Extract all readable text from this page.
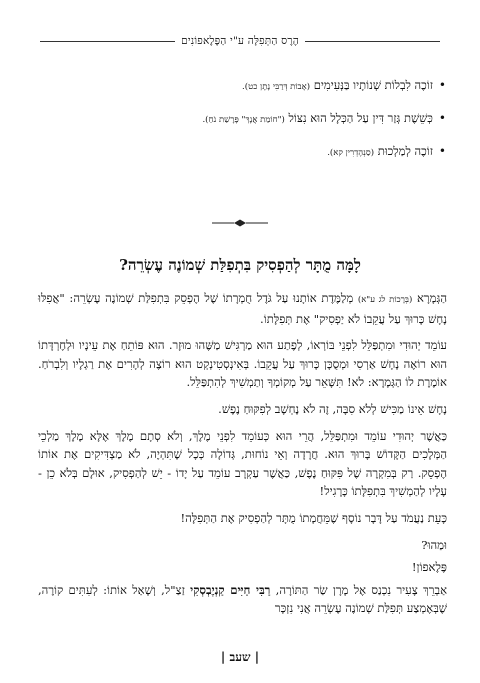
הֶרֶס הַתְּפִלָּה ע"י הַפֶּלֶאפוֹנִים
•
זוֹכֶה לִבְלוֹת שְׁנוֹתָיו בַּנְּעִימִים (אָבוֹת דְּרַבִּי נָתָן כט).
•
כְּשֵׁשֶׁת גְּזַר דִּין עַל הַכְּלָל הוּא נִצּוֹל ("חוֹמַת אֲנָךְ" פָּרָשַׁת נֹחַ).
•
זוֹכֶה לְמַלְכוּת (סַנְהֶדְרִין קא).
לָמָּה מֻתָּר לְהַפְסִיק בִּתְפִלַּת שְׁמוֹנֶה עֶשְׂרֵה?

הַגְּמָרָא (בְּרָכוֹת לג ע"א) מְלַמֶּדֶת אוֹתָנוּ עַל גֹּדֶל חֻמְרָתוֹ שֶׁל הֶפְסֵק בִּתְפִלַּת שְׁמוֹנֶה עֶשְׂרֵה: "אֲפִלּוּ נָחָשׁ כָּרוּךְ עַל עֲקֵבוֹ לֹא יַפְסִיק" אֶת תְּפִלָּתוֹ.

עוֹמֵד יְהוּדִי וּמִתְפַּלֵּל לִפְנֵי בּוֹרְאוֹ, לְפֶתַע הוּא מַרְגִּישׁ מַשֶּׁהוּ מוּזָר. הוּא פּוֹתֵחַ אֶת עֵינָיו וּלְחֶרְדָּתוֹ הוּא רוֹאֶה נָחָשׁ אַרְסִי וּמְסֻכָּן כָּרוּךְ עַל עֲקֵבוֹ. בְּאִינְסְטִינְקְט הוּא רוֹצֶה לְהָרִים אֶת רַגְלָיו וְלִבְרֹחַ. אוֹמֶרֶת לוֹ הַגְּמָרָא: לֹא! תִּשָּׁאֵר עַל מְקוֹמְךָ וְתַמְשִׁיךְ לְהִתְפַּלֵּל.

נָחָשׁ אֵינוֹ מַכִּישׁ לְלֹא סִבָּה, זֶה לֹא נֶחְשָׁב לְפִקּוּחַ נֶפֶשׁ.

כַּאֲשֶׁר יְהוּדִי עוֹמֵד וּמִתְפַּלֵּל, הֲרֵי הוּא כְּעוֹמֵד לִפְנֵי מֶלֶךְ, וְלֹא סְתָם מֶלֶךְ אֶלָּא מֶלֶךְ מַלְכֵי הַמְּלָכִים הַקָּדוֹשׁ בָּרוּךְ הוּא. חֲרָדָה וְאֵי נוֹחוּת, גְּדוֹלָה כְּכָל שֶׁתִּהְיֶה, לֹא מַצְדִּיקִים אֶת אוֹתוֹ הֶפְסֵק. רַק בְּמִקְרֶה שֶׁל פִּקּוּחַ נֶפֶשׁ, כַּאֲשֶׁר עַקְרָב עוֹמֵד עַל יָדוֹ - יֵשׁ לְהַפְסִיק, אוּלָם בְּלֹא כֵן - עָלָיו לְהַמְשִׁיךְ בִּתְפִלָּתוֹ כָּרָגִיל!

כָּעֵת נַעֲמֹד עַל דָּבָר נוֹסָף שֶׁמֵּחֲמָתוֹ מֻתָּר לְהַפְסִיק אֶת הַתְּפִלָּה!

וּמַהוּ?

פֶּלֶאפוֹן!

אַבְרֵךְ צָעִיר נִכְנַס אֶל מָרָן שַׂר הַתּוֹרָה, רַבִּי חַיִּים קַנְיֶבְסְקִי זַצַ"ל, וְשָׁאַל אוֹתוֹ: לְעִתִּים קוֹרֶה, שֶׁבְּאֶמְצַע תְּפִלַּת שְׁמוֹנֶה עֶשְׂרֵה אֲנִי נִזְכָּר

| שעב |
